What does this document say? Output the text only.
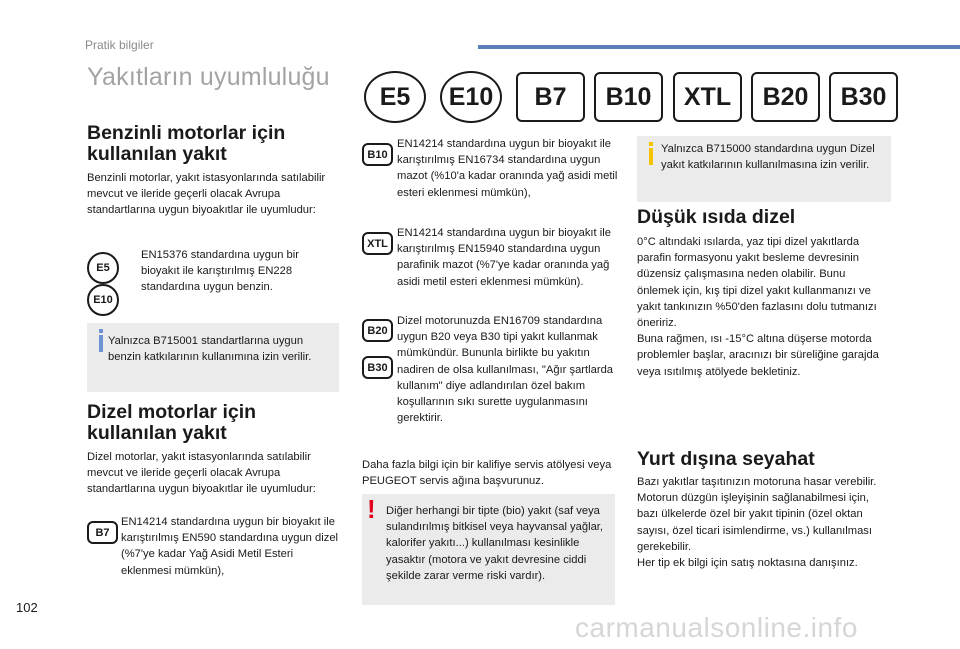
Pratik bilgiler
Yakıtların uyumluluğu
E5 E10 B7 B10 XTL B20 B30
Benzinli motorlar için
kullanılan yakıt
Benzinli motorlar, yakıt istasyonlarında satılabilir mevcut ve ileride geçerli olacak Avrupa standartlarına uygun biyoakıtlar ile uyumludur:
E5
E10
EN15376 standardına uygun bir bioyakıt ile karıştırılmış EN228 standardına uygun benzin.
Yalnızca B715001 standartlarına uygun benzin katkılarının kullanımına izin verilir.
Dizel motorlar için
kullanılan yakıt
Dizel motorlar, yakıt istasyonlarında satılabilir mevcut ve ileride geçerli olacak Avrupa standartlarına uygun biyoakıtlar ile uyumludur:
B7
EN14214 standardına uygun bir bioyakıt ile karıştırılmış EN590 standardına uygun dizel (%7'ye kadar Yağ Asidi Metil Esteri eklenmesi mümkün),
B10
EN14214 standardına uygun bir bioyakıt ile karıştırılmış EN16734 standardına uygun mazot (%10'a kadar oranında yağ asidi metil esteri eklenmesi mümkün),
XTL
EN14214 standardına uygun bir bioyakıt ile karıştırılmış EN15940 standardına uygun parafinik mazot (%7'ye kadar oranında yağ asidi metil esteri eklenmesi mümkün).
B20
B30
Dizel motorunuzda EN16709 standardına uygun B20 veya B30 tipi yakıt kullanmak mümkündür. Bununla birlikte bu yakıtın nadiren de olsa kullanılması, "Ağır şartlarda kullanım" diye adlandırılan özel bakım koşullarının sıkı surette uygulanmasını gerektirir.
Daha fazla bilgi için bir kalifiye servis atölyesi veya PEUGEOT servis ağına başvurunuz.
! Diğer herhangi bir tipte (bio) yakıt (saf veya sulandırılmış bitkisel veya hayvansal yağlar, kalorifer yakıtı...) kullanılması kesinlikle yasaktır (motora ve yakıt devresine ciddi şekilde zarar verme riski vardır).
Yalnızca B715000 standardına uygun Dizel yakıt katkılarının kullanılmasına izin verilir.
Düşük ısıda dizel
0°C altındaki ısılarda, yaz tipi dizel yakıtlarda parafin formasyonu yakıt besleme devresinin düzensiz çalışmasına neden olabilir. Bunu önlemek için, kış tipi dizel yakıt kullanmanızı ve yakıt tankınızın %50'den fazlasını dolu tutmanızı öneririz.
Buna rağmen, ısı -15°C altına düşerse motorda problemler başlar, aracınızı bir süreliğine garajda veya ısıtılmış atölyede bekletiniz.
Yurt dışına seyahat
Bazı yakıtlar taşıtınızın motoruna hasar verebilir.
Motorun düzgün işleyişinin sağlanabilmesi için, bazı ülkelerde özel bir yakıt tipinin (özel oktan sayısı, özel ticari isimlendirme, vs.) kullanılması gerekebilir.
Her tip ek bilgi için satış noktasına danışınız.
102
carmanualsonline.info
